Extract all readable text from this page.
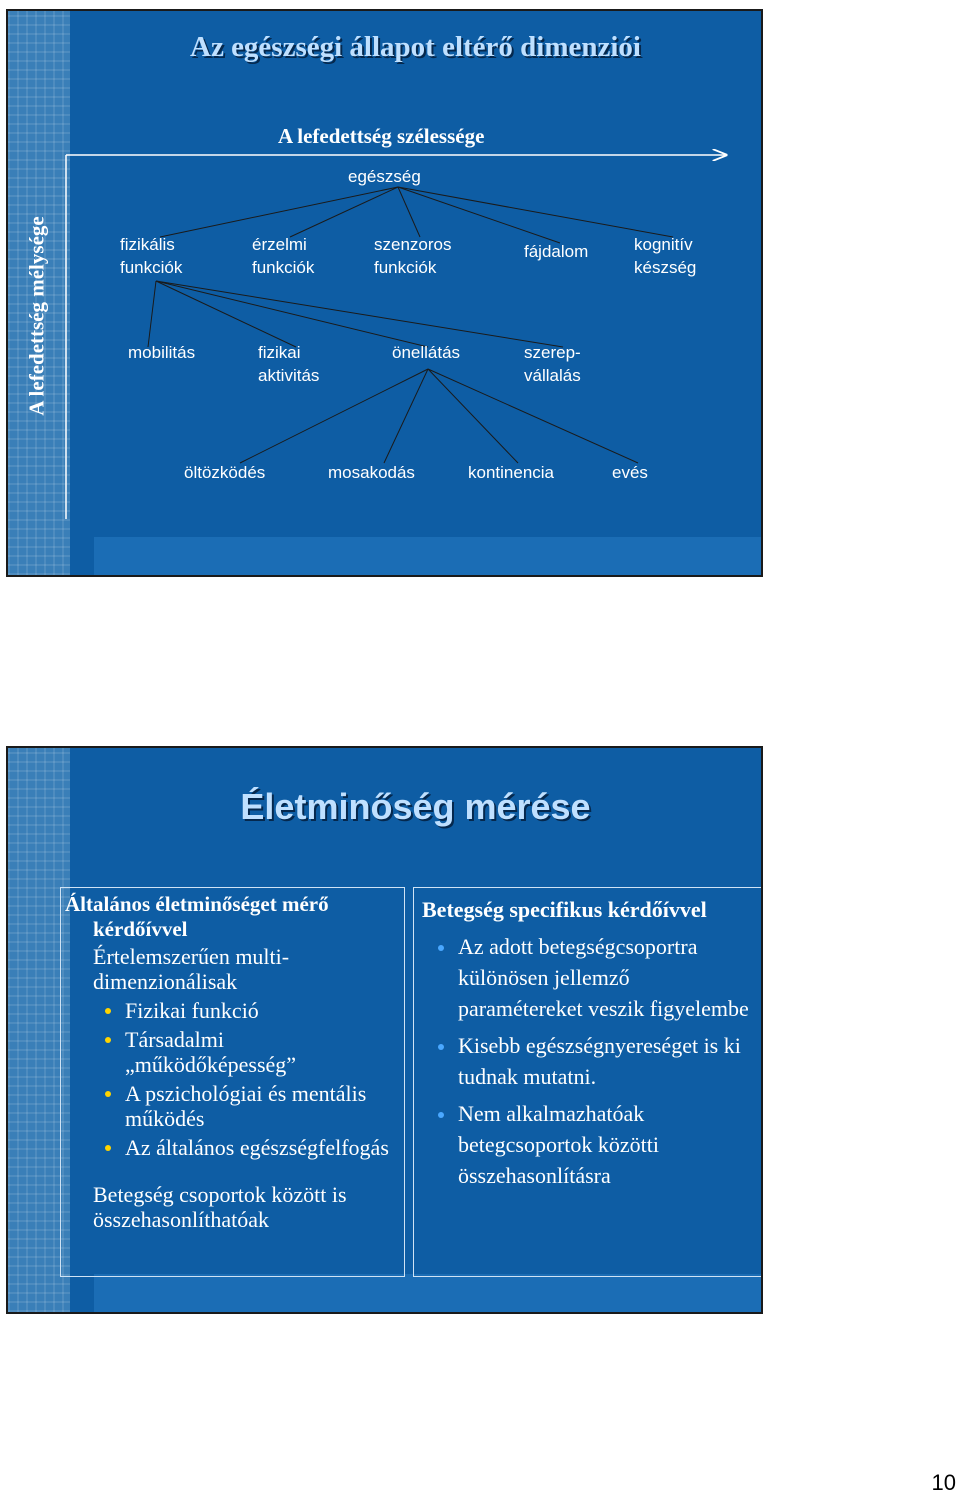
Az egészségi állapot eltérő dimenziói
A lefedettség mélysége
A lefedettség szélessége
egészség
fizikális funkciók
érzelmi funkciók
szenzoros funkciók
fájdalom	kognitív készség
mobilitás	fizikai aktivitás
önellátás	szerep-vállalás
öltözködés	mosakodás	kontinencia	evés
Életminőség mérése
Általános életminőséget mérő kérdőívvel
Értelemszerűen multi-dimenzionálisak
Fizikai funkció
Társadalmi „működőképesség”
A pszichológiai és mentális működés
Az általános egészségfelfogás
Betegség csoportok között is összehasonlíthatóak
Betegség specifikus kérdőívvel
Az adott betegségcsoportra különösen jellemző paramétereket veszik figyelembe
Kisebb egészségnyereséget is ki tudnak mutatni.
Nem alkalmazhatóak betegcsoportok közötti összehasonlításra
10
